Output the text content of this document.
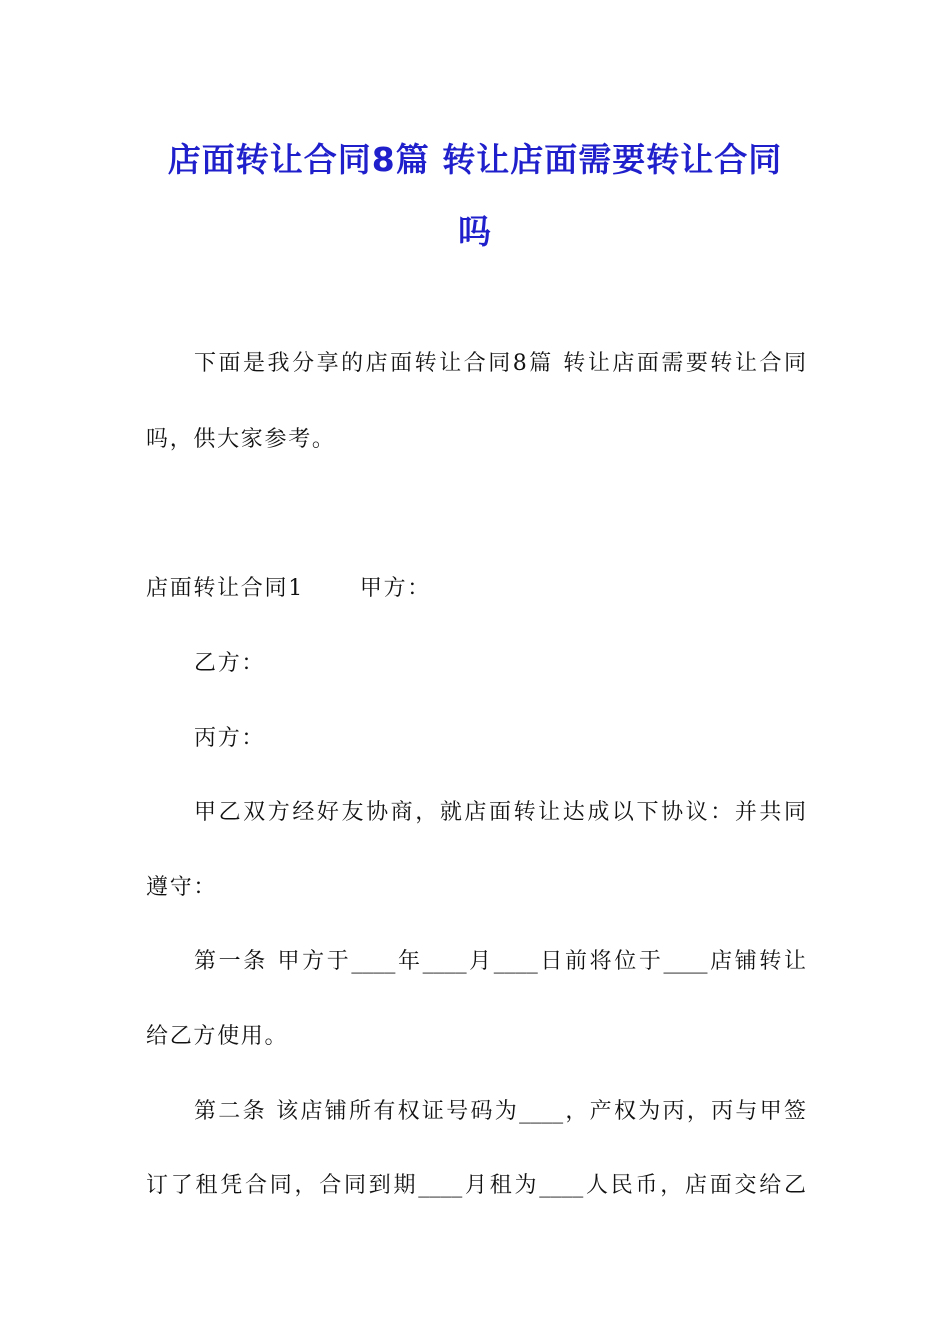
店面转让合同8篇 转让店面需要转让合同
吗

下面是我分享的店面转让合同8篇 转让店面需要转让合同

吗，供大家参考。

店面转让合同1	甲方：

乙方：

丙方：

甲乙双方经好友协商，就店面转让达成以下协议：并共同

遵守：

第一条 甲方于____年____月____日前将位于____店铺转让

给乙方使用。

第二条 该店铺所有权证号码为____，产权为丙，丙与甲签

订了租凭合同，合同到期____月租为____人民币，店面交给乙
